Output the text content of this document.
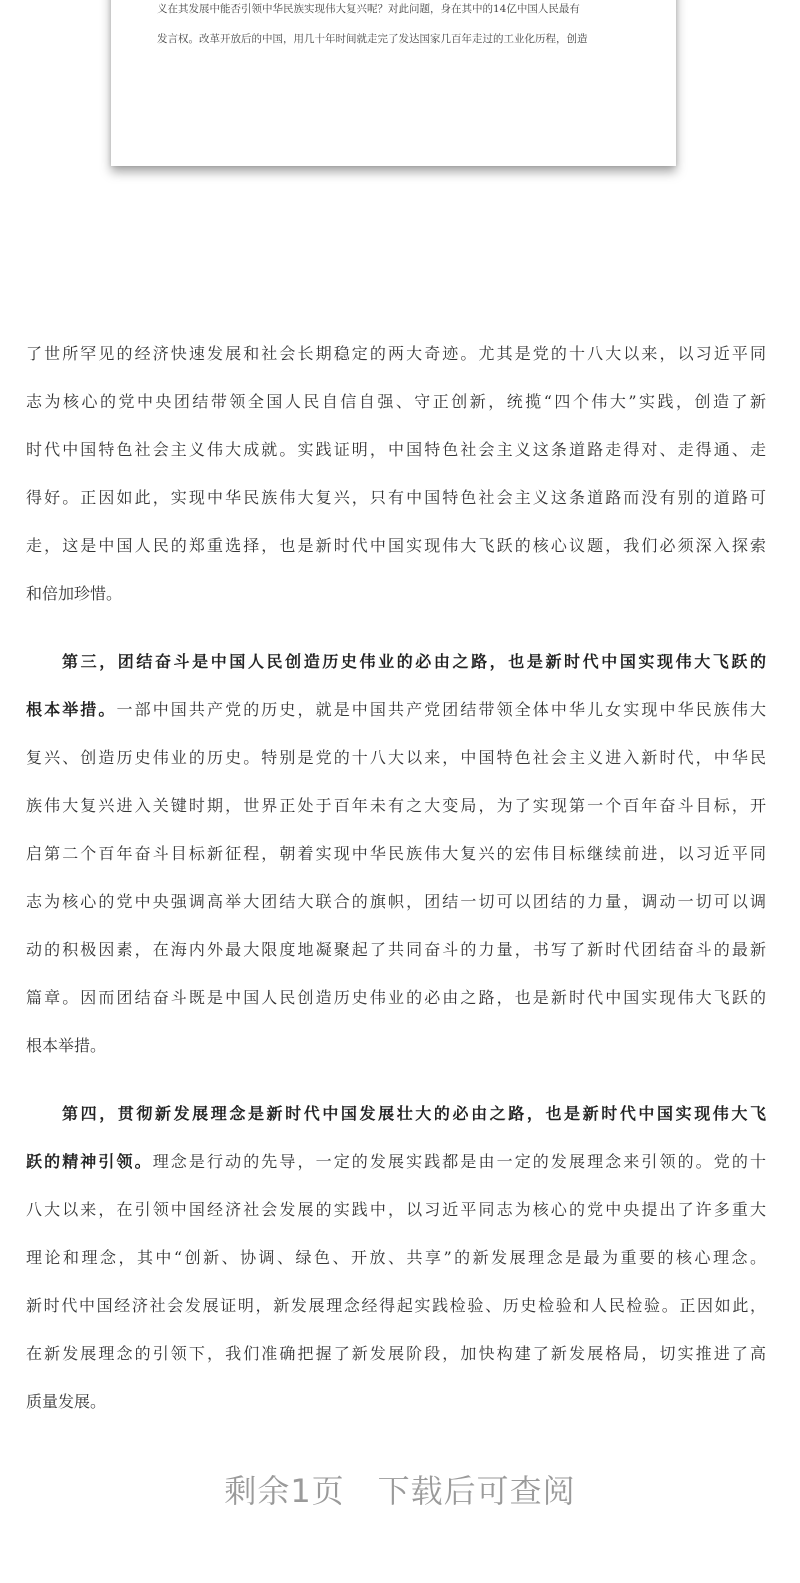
义在其发展中能否引领中华民族实现伟大复兴呢？对此问题，身在其中的14亿中国人民最有
发言权。改革开放后的中国，用几十年时间就走完了发达国家几百年走过的工业化历程，创造
了世所罕见的经济快速发展和社会长期稳定的两大奇迹。尤其是党的十八大以来，以习近平同
志为核心的党中央团结带领全国人民自信自强、守正创新，统揽“四个伟大”实践，创造了新
时代中国特色社会主义伟大成就。实践证明，中国特色社会主义这条道路走得对、走得通、走
得好。正因如此，实现中华民族伟大复兴，只有中国特色社会主义这条道路而没有别的道路可
走，这是中国人民的郑重选择，也是新时代中国实现伟大飞跃的核心议题，我们必须深入探索
和倍加珍惜。
第三，团结奋斗是中国人民创造历史伟业的必由之路，也是新时代中国实现伟大飞跃的
根本举措。一部中国共产党的历史，就是中国共产党团结带领全体中华儿女实现中华民族伟大
复兴、创造历史伟业的历史。特别是党的十八大以来，中国特色社会主义进入新时代，中华民
族伟大复兴进入关键时期，世界正处于百年未有之大变局，为了实现第一个百年奋斗目标，开
启第二个百年奋斗目标新征程，朝着实现中华民族伟大复兴的宏伟目标继续前进，以习近平同
志为核心的党中央强调高举大团结大联合的旗帜，团结一切可以团结的力量，调动一切可以调
动的积极因素，在海内外最大限度地凝聚起了共同奋斗的力量，书写了新时代团结奋斗的最新
篇章。因而团结奋斗既是中国人民创造历史伟业的必由之路，也是新时代中国实现伟大飞跃的
根本举措。
第四，贯彻新发展理念是新时代中国发展壮大的必由之路，也是新时代中国实现伟大飞
跃的精神引领。理念是行动的先导，一定的发展实践都是由一定的发展理念来引领的。党的十
八大以来，在引领中国经济社会发展的实践中，以习近平同志为核心的党中央提出了许多重大
理论和理念，其中“创新、协调、绿色、开放、共享”的新发展理念是最为重要的核心理念。
新时代中国经济社会发展证明，新发展理念经得起实践检验、历史检验和人民检验。正因如此，
在新发展理念的引领下，我们准确把握了新发展阶段，加快构建了新发展格局，切实推进了高
质量发展。
剩余1页　下载后可查阅
